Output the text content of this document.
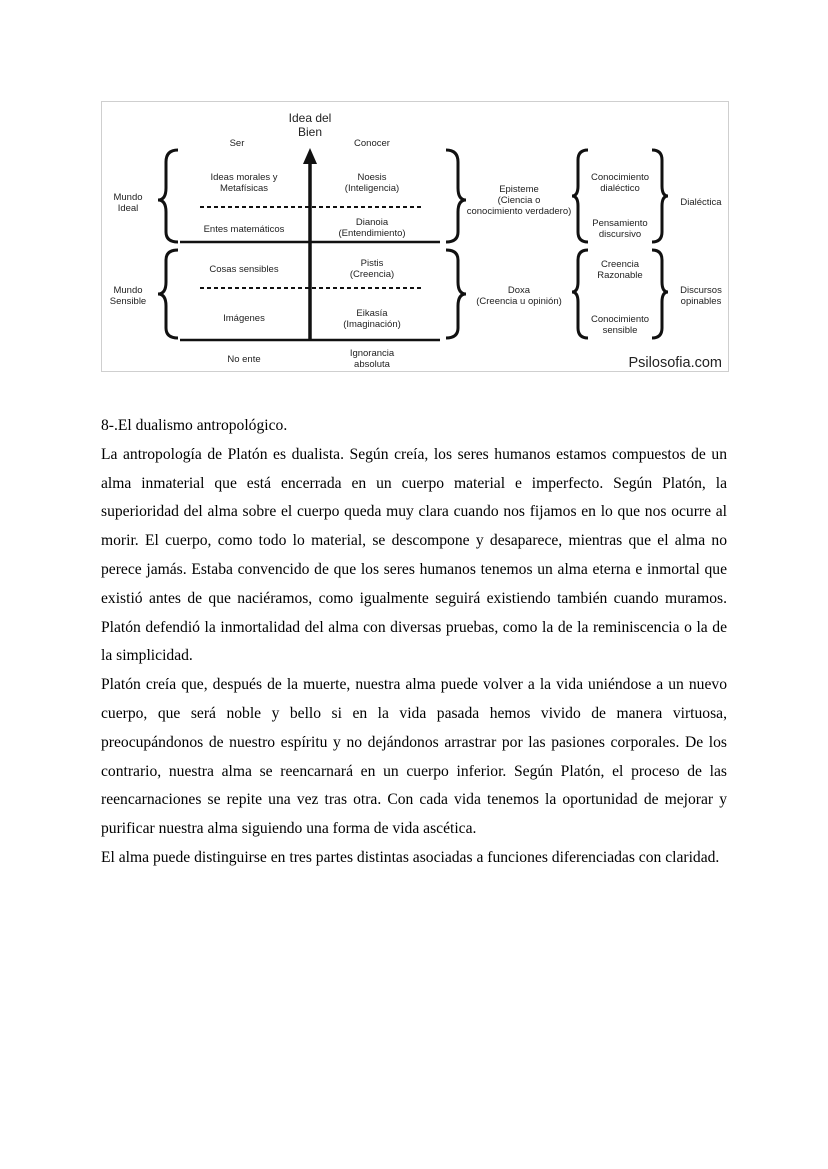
Idea del
Bien
Ser	Conocer
Mundo
Ideal
Mundo
Sensible
Ideas morales y
Metafísicas
Entes matemáticos
Cosas sensibles
Imágenes
No ente
Noesis
(Inteligencia)
Dianoia
(Entendimiento)
Pistis
(Creencia)
Eikasía
(Imaginación)
Ignorancia
absoluta
Episteme
(Ciencia o
conocimiento verdadero)
Doxa
(Creencia u opinión)
Conocimiento
dialéctico
Pensamiento
discursivo
Creencia
Razonable
Conocimiento
sensible
Dialéctica
Discursos
opinables
Psilosofia.com
8-.El dualismo antropológico.

La antropología de Platón es dualista. Según creía, los seres humanos estamos compuestos de un alma inmaterial que está encerrada en un cuerpo material e imperfecto. Según Platón, la superioridad del alma sobre el cuerpo queda muy clara cuando nos fijamos en lo que nos ocurre al morir. El cuerpo, como todo lo material, se descompone y desaparece, mientras que el alma no perece jamás. Estaba convencido de que los seres humanos tenemos un alma eterna e inmortal que existió antes de que naciéramos, como igualmente seguirá existiendo también cuando muramos. Platón defendió la inmortalidad del alma con diversas pruebas, como la de la reminiscencia o la de la simplicidad.

Platón creía que, después de la muerte, nuestra alma puede volver a la vida uniéndose a un nuevo cuerpo, que será noble y bello si en la vida pasada hemos vivido de manera virtuosa, preocupándonos de nuestro espíritu y no dejándonos arrastrar por las pasiones corporales. De los contrario, nuestra alma se reencarnará en un cuerpo inferior. Según Platón, el proceso de las reencarnaciones se repite una vez tras otra. Con cada vida tenemos la oportunidad de mejorar y purificar nuestra alma siguiendo una forma de vida ascética.

El alma puede distinguirse en tres partes distintas asociadas a funciones diferenciadas con claridad.
